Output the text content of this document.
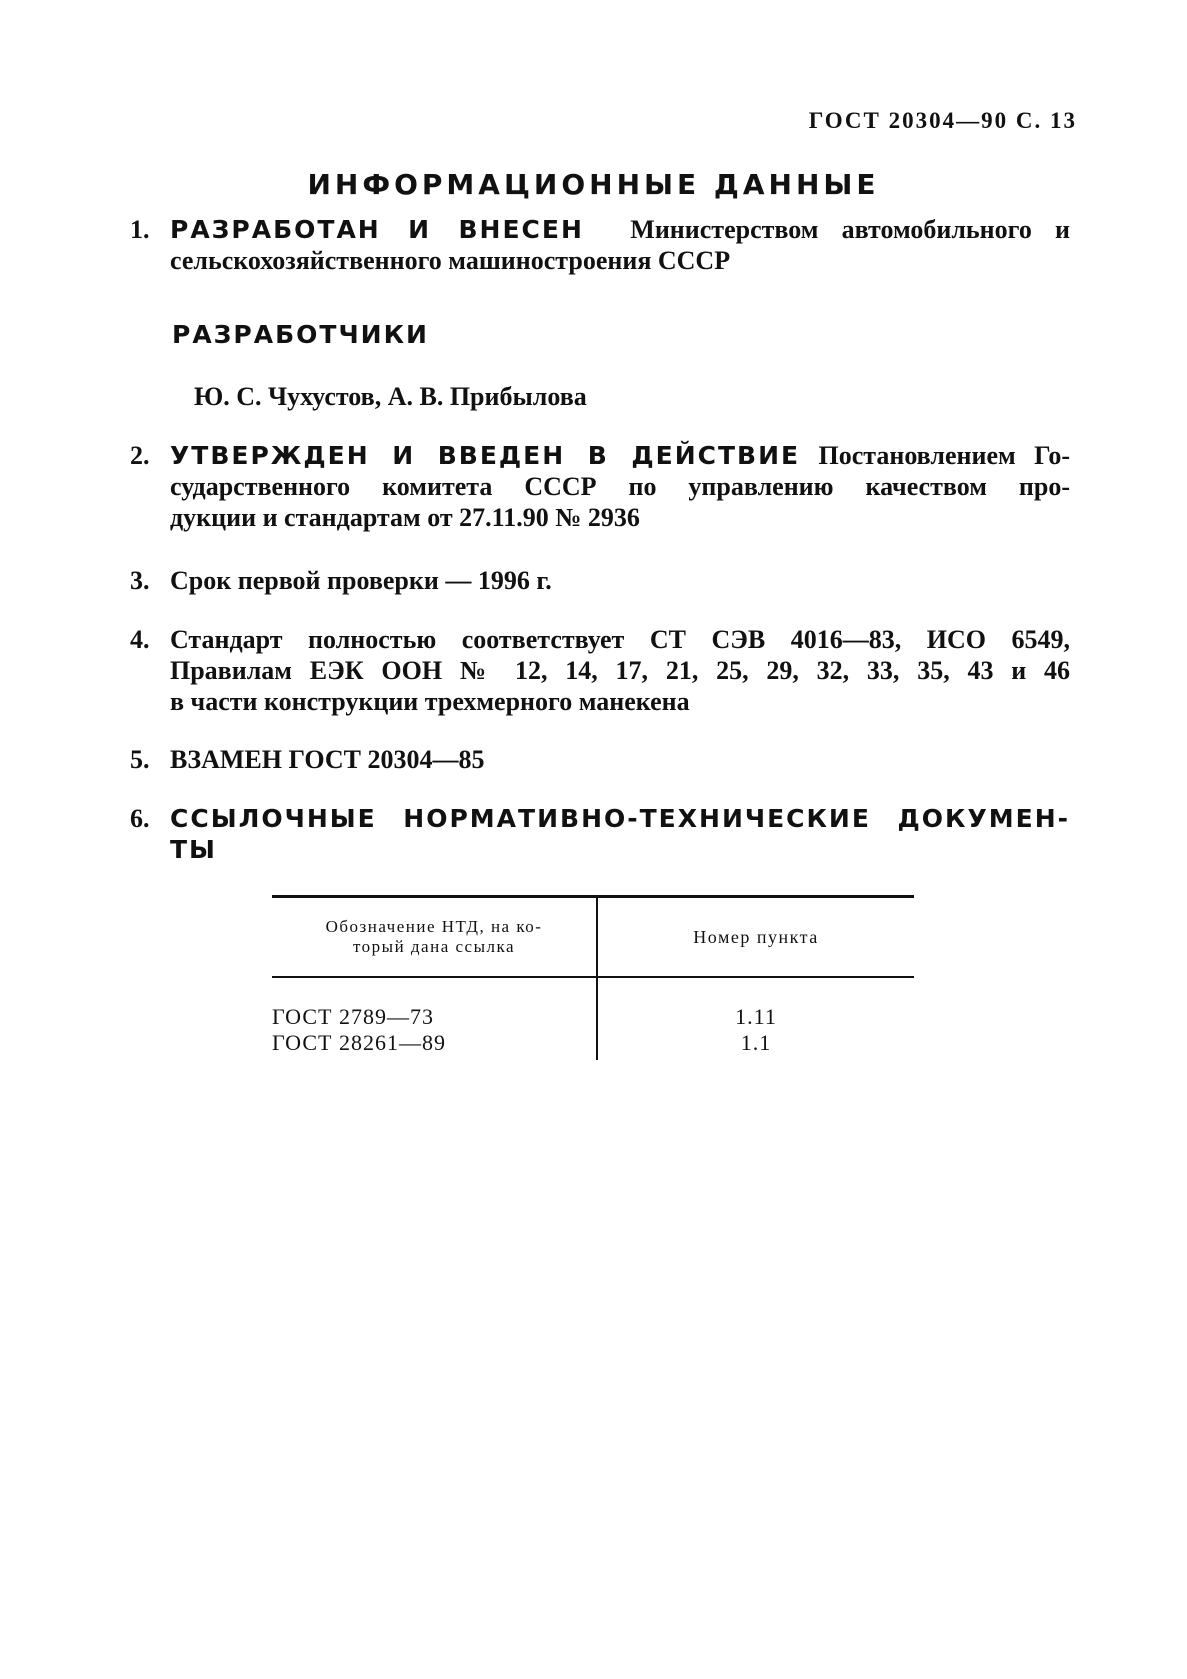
ГОСТ 20304—90 С. 13
ИНФОРМАЦИОННЫЕ ДАННЫЕ
1. РАЗРАБОТАН И ВНЕСЕН Министерством автомобильного и
сельскохозяйственного машиностроения СССР
РАЗРАБОТЧИКИ
Ю. С. Чухустов, А. В. Прибылова
2. УТВЕРЖДЕН И ВВЕДЕН В ДЕЙСТВИЕ Постановлением Го-
сударственного комитета СССР по управлению качеством про-
дукции и стандартам от 27.11.90 № 2936
3. Срок первой проверки — 1996 г.
4. Стандарт полностью соответствует СТ СЭВ 4016—83, ИСО 6549,
Правилам ЕЭК ООН № 12, 14, 17, 21, 25, 29, 32, 33, 35, 43 и 46
в части конструкции трехмерного манекена
5. ВЗАМЕН ГОСТ 20304—85
6. ССЫЛОЧНЫЕ НОРМАТИВНО-ТЕХНИЧЕСКИЕ ДОКУМЕН-
ТЫ
Обозначение НТД, на ко-
торый дана ссылка	Номер пункта
ГОСТ 2789—73
ГОСТ 28261—89
1.11
1.1
